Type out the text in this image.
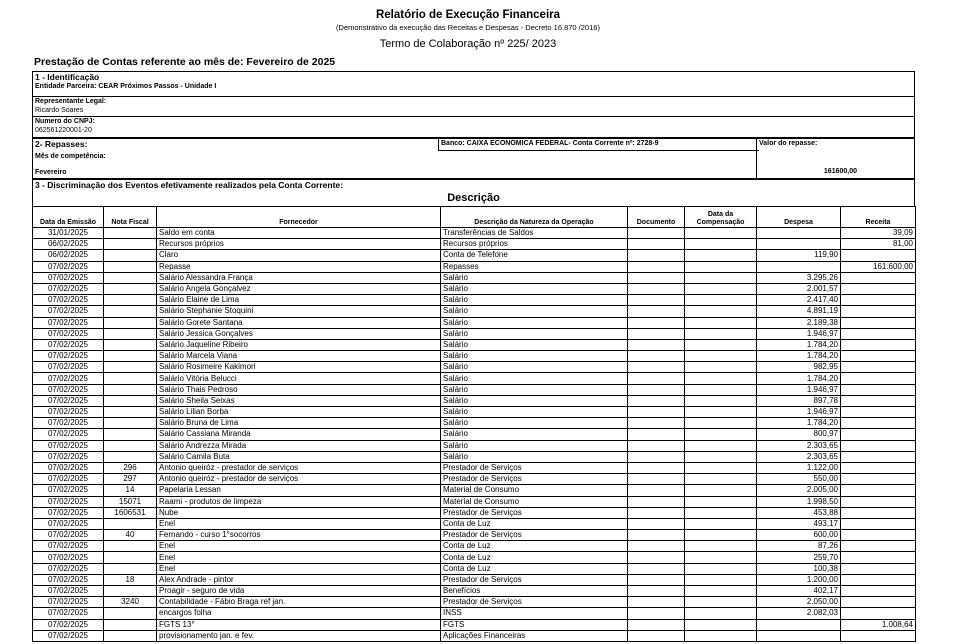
Relatório de Execução Financeira
(Demonstrativo da execução das Receitas e Despesas - Decreto 16.870 /2016)
Termo de Colaboração nº 225/ 2023
Prestação de Contas referente ao mês de: Fevereiro de 2025
1 - Identificação
Entidade Parceira: CEAR Próximos Passos - Unidade I
Representante Legal:
Ricardo Soares
Numero do CNPJ:
062561220001-20
2- Repasses:
Mês de competência:
Fevereiro
Banco: CAIXA ECONÔMICA FEDERAL- Conta Corrente nº: 2728-9	Valor do repasse:
161600,00
3 - Discriminação dos Eventos efetivamente realizados pela Conta Corrente:
Descrição
Data da Emissão	Nota Fiscal	Fornecedor	Descrição da Natureza da Operação	Documento	Data da Compensação	Despesa	Receita
31/01/2025		Saldo em conta	Transferências de Saldos				39,09
06/02/2025		Recursos próprios	Recursos próprios				81,00
06/02/2025		Claro	Conta de Telefone			119,90	
07/02/2025		Repasse	Repasses				161.600,00
07/02/2025		Salário Alessandra França	Salário			3.295,26	
07/02/2025		Salário Angela Gonçalvez	Salário			2.001,57	
07/02/2025		Salário Elaine de Lima	Salário			2.417,40	
07/02/2025		Salário Stephanie Stoquini	Salário			4.891,19	
07/02/2025		Salário Gorete Santana	Salário			2.189,38	
07/02/2025		Salário Jessica Gonçalves	Salário			1.946,97	
07/02/2025		Salário Jaqueline Ribeiro	Salário			1.784,20	
07/02/2025		Salário Marcela Viana	Salário			1.784,20	
07/02/2025		Salário Rosimeire Kakimori	Salário			982,95	
07/02/2025		Salário Vitória Belucci	Salário			1.784,20	
07/02/2025		Salário Thais Pedroso	Salário			1.946,97	
07/02/2025		Salário Sheila Seixas	Salário			897,78	
07/02/2025		Salário Lilian Borba	Salário			1.946,97	
07/02/2025		Salário Bruna de Lima	Salário			1.784,20	
07/02/2025		Salário Cassiana Miranda	Salário			800,97	
07/02/2025		Salário Andrezza Mirada	Salário			2.303,65	
07/02/2025		Salário Camila Buta	Salário			2.303,65	
07/02/2025	296	Antonio queiróz - prestador de serviços	Prestador de Serviços			1.122,00	
07/02/2025	297	Antonio queiróz - prestador de serviços	Prestador de Serviços			550,00	
07/02/2025	14	Papelaria Lessan	Material de Consumo			2.005,00	
07/02/2025	15071	Raami - produtos de limpeza	Material de Consumo			1.998,50	
07/02/2025	1606531	Nube	Prestador de Serviços			453,88	
07/02/2025		Enel	Conta de Luz			493,17	
07/02/2025	40	Fernando - curso 1°socorros	Prestador de Serviços			600,00	
07/02/2025		Enel	Conta de Luz			87,26	
07/02/2025		Enel	Conta de Luz			259,70	
07/02/2025		Enel	Conta de Luz			100,38	
07/02/2025	18	Alex Andrade - pintor	Prestador de Serviços			1.200,00	
07/02/2025		Proagir - seguro de vida	Benefícios			402,17	
07/02/2025	3240	Contabilidade - Fábio Braga ref jan.	Prestador de Serviços			2.050,00	
07/02/2025		encargos folha	INSS			2.082,03	
07/02/2025		FGTS 13°	FGTS				1.008,64
07/02/2025		provisionamento jan. e fev.	Aplicações Financeiras				
